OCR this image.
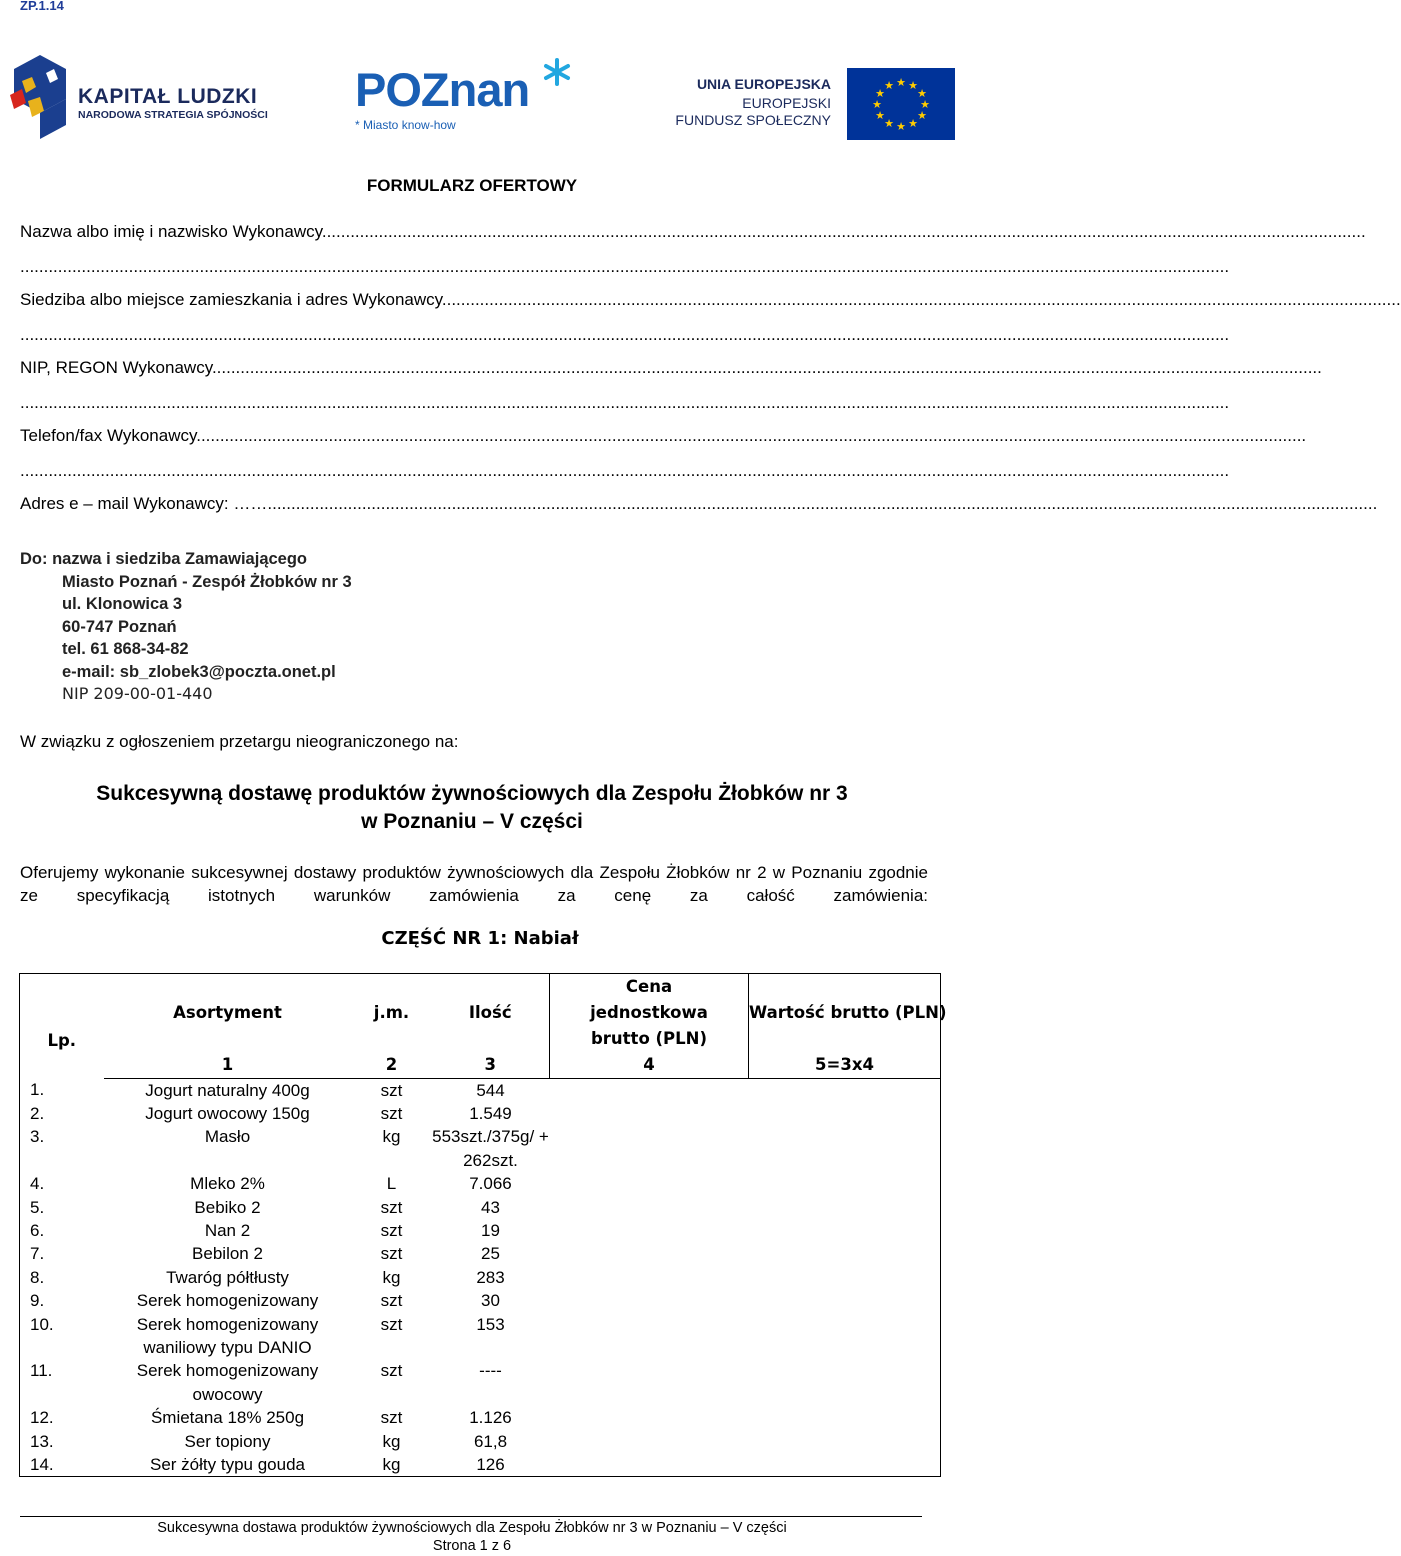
ZP.1.14
KAPITAŁ LUDZKI
NARODOWA STRATEGIA SPÓJNOŚCI POZnan
* Miasto know-how
UNIA EUROPEJSKA
EUROPEJSKI
FUNDUSZ SPOŁECZNY
★ ★
★
★
★
★
★
★
★
★
★
★
FORMULARZ OFERTOWY
Nazwa albo imię i nazwisko Wykonawcy.............................................................................................................................................................................................................................
................................................................................................................................................................................................................................................................
Siedziba albo miejsce zamieszkania i adres Wykonawcy...........................................................................................................................................................................................................
................................................................................................................................................................................................................................................................
NIP, REGON Wykonawcy...........................................................................................................................................................................................................................................
................................................................................................................................................................................................................................................................
Telefon/fax Wykonawcy...........................................................................................................................................................................................................................................
................................................................................................................................................................................................................................................................
Adres e – mail Wykonawcy: ……...........................................................................................................................................................................................................................................
Do: nazwa i siedziba Zamawiającego
Miasto Poznań - Zespół Żłobków nr 3
ul. Klonowica 3
60-747 Poznań
tel. 61 868-34-82
e-mail: sb_zlobek3@poczta.onet.pl
NIP 209-00-01-440
W związku z ogłoszeniem przetargu nieograniczonego na:
Sukcesywną dostawę produktów żywnościowych dla Zespołu Żłobków nr 3
w Poznaniu – V części
Oferujemy wykonanie sukcesywnej dostawy produktów żywnościowych dla Zespołu Żłobków nr 2 w Poznaniu zgodnie ze specyfikacją istotnych warunków zamówienia za cenę za całość zamówienia:
CZĘŚĆ NR 1: Nabiał
Lp.	Asortyment	j.m.	Ilość	Cena jednostkowa brutto (PLN)	Wartość brutto (PLN)
	1	2	3	4	5=3x4
1.	Jogurt naturalny 400g	szt	544		
2.	Jogurt owocowy 150g	szt	1.549		
3.	Masło	kg	553szt./375g/ + 262szt.		
4.	Mleko 2%	L	7.066		
5.	Bebiko 2	szt	43		
6.	Nan 2	szt	19		
7.	Bebilon 2	szt	25		
8.	Twaróg półtłusty	kg	283		
9.	Serek homogenizowany	szt	30		
10.	Serek homogenizowany waniliowy typu DANIO	szt	153		
11.	Serek homogenizowany owocowy	szt	----		
12.	Śmietana 18% 250g	szt	1.126		
13.	Ser topiony	kg	61,8		
14.	Ser żółty typu gouda	kg	126		
Sukcesywna dostawa produktów żywnościowych dla Zespołu Żłobków nr 3 w Poznaniu – V części
Strona 1 z 6
